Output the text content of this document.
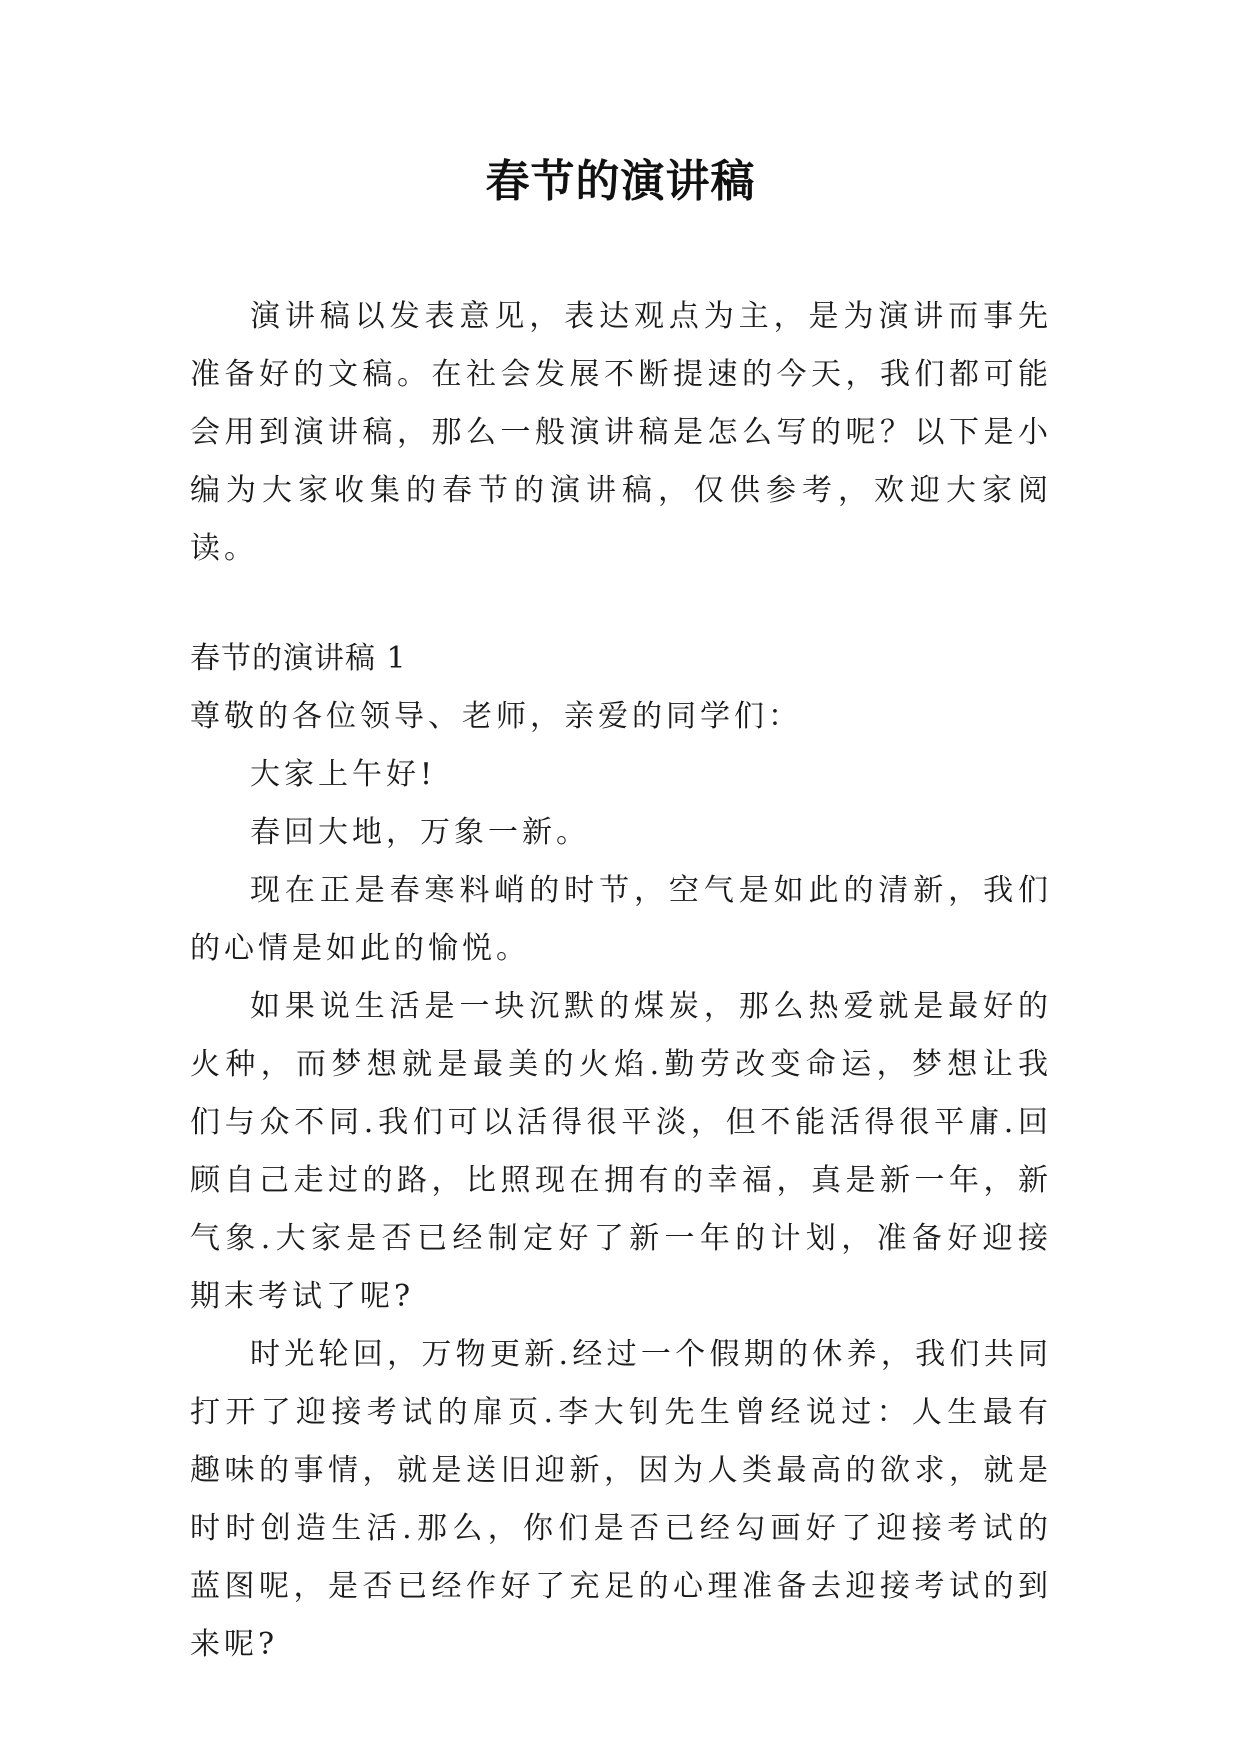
春节的演讲稿

演讲稿以发表意见，表达观点为主，是为演讲而事先准备好的文稿。在社会发展不断提速的今天，我们都可能会用到演讲稿，那么一般演讲稿是怎么写的呢？以下是小编为大家收集的春节的演讲稿，仅供参考，欢迎大家阅读。

春节的演讲稿 1

尊敬的各位领导、老师，亲爱的同学们：

大家上午好!

春回大地，万象一新。

现在正是春寒料峭的时节，空气是如此的清新，我们的心情是如此的愉悦。

如果说生活是一块沉默的煤炭，那么热爱就是最好的火种，而梦想就是最美的火焰.勤劳改变命运，梦想让我们与众不同.我们可以活得很平淡，但不能活得很平庸.回顾自己走过的路，比照现在拥有的幸福，真是新一年，新气象.大家是否已经制定好了新一年的计划，准备好迎接期末考试了呢?

时光轮回，万物更新.经过一个假期的休养，我们共同打开了迎接考试的扉页.李大钊先生曾经说过：人生最有趣味的事情，就是送旧迎新，因为人类最高的欲求，就是时时创造生活.那么，你们是否已经勾画好了迎接考试的蓝图呢，是否已经作好了充足的心理准备去迎接考试的到来呢?
